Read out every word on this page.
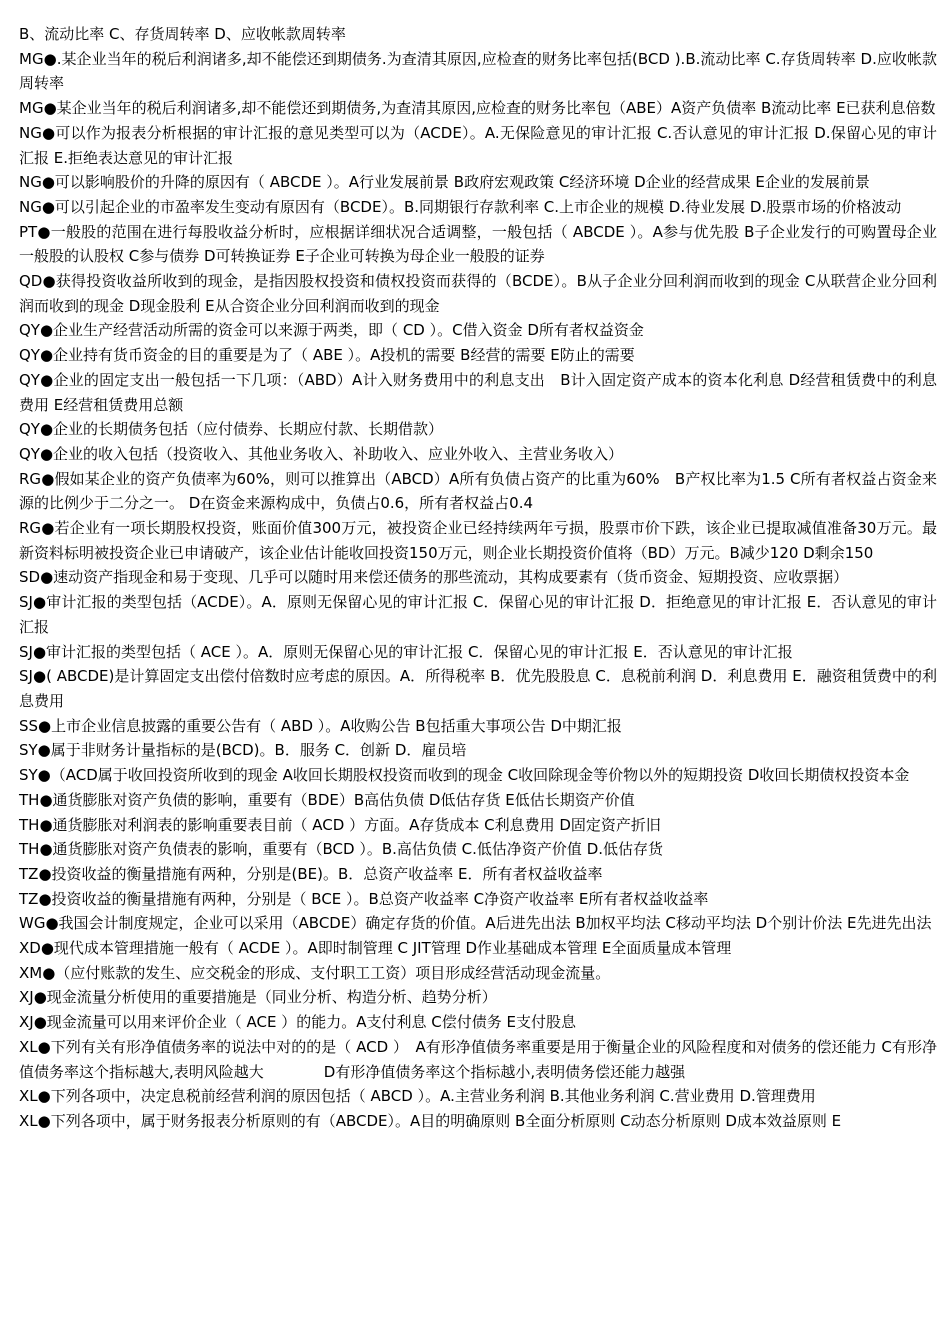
B、流动比率 C、存货周转率 D、应收帐款周转率

MG●.某企业当年的税后利润诸多,却不能偿还到期债务.为查清其原因,应检查的财务比率包括(BCD ).B.流动比率 C.存货周转率 D.应收帐款周转率

MG●某企业当年的税后利润诸多,却不能偿还到期债务,为查清其原因,应检查的财务比率包（ABE）A资产负债率 B流动比率 E已获利息倍数

NG●可以作为报表分析根据的审计汇报的意见类型可以为（ACDE）。A.无保险意见的审计汇报 C.否认意见的审计汇报 D.保留心见的审计汇报 E.拒绝表达意见的审计汇报

NG●可以影响股价的升降的原因有（ ABCDE ）。A行业发展前景 B政府宏观政策 C经济环境 D企业的经营成果 E企业的发展前景

NG●可以引起企业的市盈率发生变动有原因有（BCDE）。B.同期银行存款利率 C.上市企业的规模 D.待业发展 D.股票市场的价格波动

PT●一般股的范围在进行每股收益分析时，应根据详细状况合适调整，一般包括（ ABCDE ）。A参与优先股 B子企业发行的可购置母企业一般股的认股权 C参与债券 D可转换证券 E子企业可转换为母企业一般股的证券

QD●获得投资收益所收到的现金，是指因股权投资和债权投资而获得的（BCDE）。B从子企业分回利润而收到的现金 C从联营企业分回利润而收到的现金 D现金股利 E从合资企业分回利润而收到的现金

QY●企业生产经营活动所需的资金可以来源于两类，即（ CD ）。C借入资金 D所有者权益资金

QY●企业持有货币资金的目的重要是为了（ ABE ）。A投机的需要 B经营的需要 E防止的需要

QY●企业的固定支出一般包括一下几项：（ABD）A计入财务费用中的利息支出　B计入固定资产成本的资本化利息 D经营租赁费中的利息费用 E经营租赁费用总额

QY●企业的长期债务包括（应付债券、长期应付款、长期借款）

QY●企业的收入包括（投资收入、其他业务收入、补助收入、应业外收入、主营业务收入）

RG●假如某企业的资产负债率为60%，则可以推算出（ABCD）A所有负债占资产的比重为60%　B产权比率为1.5 C所有者权益占资金来源的比例少于二分之一。 D在资金来源构成中，负债占0.6，所有者权益占0.4

RG●若企业有一项长期股权投资，账面价值300万元，被投资企业已经持续两年亏损，股票市价下跌，该企业已提取减值准备30万元。最新资料标明被投资企业已申请破产，该企业估计能收回投资150万元，则企业长期投资价值将（BD）万元。B减少120 D剩余150

SD●速动资产指现金和易于变现、几乎可以随时用来偿还债务的那些流动，其构成要素有（货币资金、短期投资、应收票据）

SJ●审计汇报的类型包括（ACDE）。A．原则无保留心见的审计汇报 C．保留心见的审计汇报 D．拒绝意见的审计汇报 E．否认意见的审计汇报

SJ●审计汇报的类型包括（ ACE ）。A．原则无保留心见的审计汇报 C．保留心见的审计汇报 E．否认意见的审计汇报

SJ●( ABCDE)是计算固定支出偿付倍数时应考虑的原因。A．所得税率 B．优先股股息 C．息税前利润 D．利息费用 E．融资租赁费中的利息费用

SS●上市企业信息披露的重要公告有（ ABD ）。A收购公告 B包括重大事项公告 D中期汇报

SY●属于非财务计量指标的是(BCD)。B．服务 C．创新 D．雇员培

SY●（ACD属于收回投资所收到的现金 A收回长期股权投资而收到的现金 C收回除现金等价物以外的短期投资 D收回长期债权投资本金

TH●通货膨胀对资产负债的影响，重要有（BDE）B高估负债 D低估存货 E低估长期资产价值

TH●通货膨胀对利润表的影响重要表目前（ ACD ）方面。A存货成本 C利息费用 D固定资产折旧

TH●通货膨胀对资产负债表的影响，重要有（BCD ）。B.高估负债 C.低估净资产价值 D.低估存货

TZ●投资收益的衡量措施有两种，分别是(BE)。B．总资产收益率 E．所有者权益收益率

TZ●投资收益的衡量措施有两种，分别是（ BCE ）。B总资产收益率 C净资产收益率 E所有者权益收益率

WG●我国会计制度规定，企业可以采用（ABCDE）确定存货的价值。A后进先出法 B加权平均法 C移动平均法 D个别计价法 E先进先出法

XD●现代成本管理措施一般有（ ACDE ）。A即时制管理 C JIT管理 D作业基础成本管理 E全面质量成本管理

XM●（应付账款的发生、应交税金的形成、支付职工工资）项目形成经营活动现金流量。

XJ●现金流量分析使用的重要措施是（同业分析、构造分析、趋势分析）

XJ●现金流量可以用来评价企业（ ACE ）的能力。A支付利息 C偿付债务 E支付股息

XL●下列有关有形净值债务率的说法中对的的是（ ACD ）　A有形净值债务率重要是用于衡量企业的风险程度和对债务的偿还能力 C有形净值债务率这个指标越大,表明风险越大　　　　D有形净值债务率这个指标越小,表明债务偿还能力越强

XL●下列各项中，决定息税前经营利润的原因包括（ ABCD ）。A.主营业务利润 B.其他业务利润 C.营业费用 D.管理费用

XL●下列各项中，属于财务报表分析原则的有（ABCDE）。A目的明确原则 B全面分析原则 C动态分析原则 D成本效益原则 E
